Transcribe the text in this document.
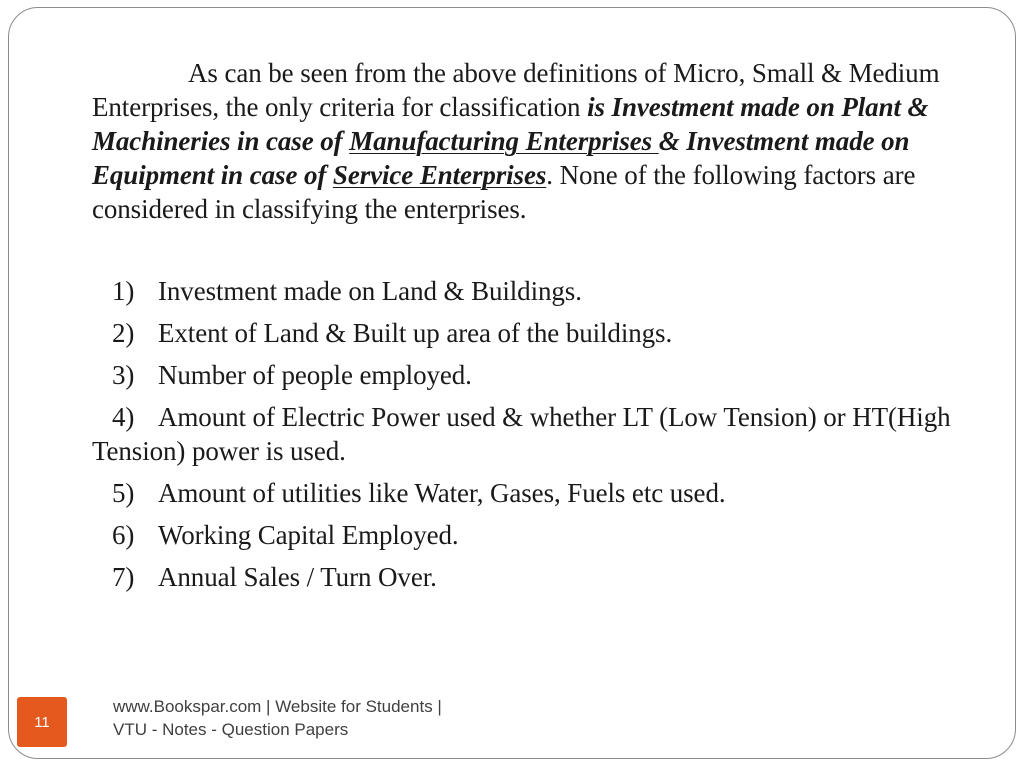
As can be seen from the above definitions of Micro, Small & Medium Enterprises, the only criteria for classification is Investment made on Plant & Machineries in case of Manufacturing Enterprises & Investment made on Equipment in case of Service Enterprises. None of the following factors are considered in classifying the enterprises.

1) Investment made on Land & Buildings.
2) Extent of Land & Built up area of the buildings.
3) Number of people employed.
4) Amount of Electric Power used & whether LT (Low Tension) or HT(High Tension) power is used.
5) Amount of utilities like Water, Gases, Fuels etc used.
6) Working Capital Employed.
7) Annual Sales / Turn Over.
11
www.Bookspar.com | Website for Students |
VTU - Notes - Question Papers
